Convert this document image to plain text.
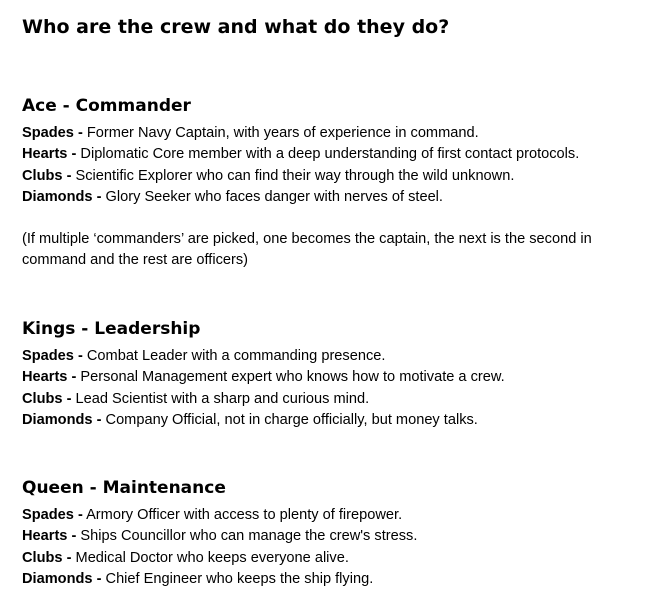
Who are the crew and what do they do?
Ace - Commander
Spades - Former Navy Captain, with years of experience in command.
Hearts - Diplomatic Core member with a deep understanding of first contact protocols.
Clubs - Scientific Explorer who can find their way through the wild unknown.
Diamonds - Glory Seeker who faces danger with nerves of steel.
(If multiple ‘commanders’ are picked, one becomes the captain, the next is the second in command and the rest are officers)
Kings - Leadership
Spades - Combat Leader with a commanding presence.
Hearts - Personal Management expert who knows how to motivate a crew.
Clubs - Lead Scientist with a sharp and curious mind.
Diamonds - Company Official, not in charge officially, but money talks.
Queen - Maintenance
Spades - Armory Officer with access to plenty of firepower.
Hearts - Ships Councillor who can manage the crew's stress.
Clubs - Medical Doctor who keeps everyone alive.
Diamonds - Chief Engineer who keeps the ship flying.
